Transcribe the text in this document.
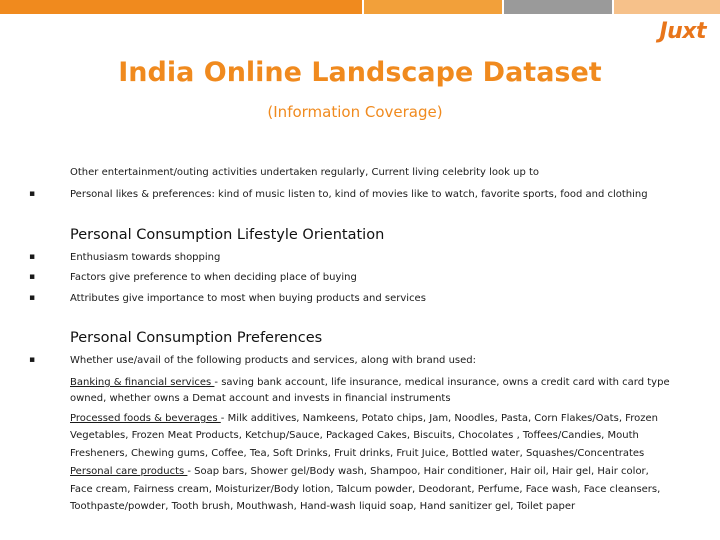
Juxt
India Online Landscape Dataset
(Information Coverage)
Other entertainment/outing activities undertaken regularly, Current living celebrity look up to
▪	Personal likes & preferences: kind of music listen to, kind of movies like to watch, favorite sports, food and clothing
Personal Consumption Lifestyle Orientation
▪	Enthusiasm towards shopping
▪	Factors give preference to when deciding place of buying
▪	Attributes give importance to most when buying products and services
Personal Consumption Preferences
▪	Whether use/avail of the following products and services, along with brand used:
Banking & financial services - saving bank account, life insurance, medical insurance, owns a credit card with card type
owned, whether owns a Demat account and invests in financial instruments
Processed foods & beverages - Milk additives, Namkeens, Potato chips, Jam, Noodles, Pasta, Corn Flakes/Oats, Frozen
Vegetables, Frozen Meat Products, Ketchup/Sauce, Packaged Cakes, Biscuits, Chocolates , Toffees/Candies, Mouth
Fresheners, Chewing gums, Coffee, Tea, Soft Drinks, Fruit drinks, Fruit Juice, Bottled water, Squashes/Concentrates
Personal care products - Soap bars, Shower gel/Body wash, Shampoo, Hair conditioner, Hair oil, Hair gel, Hair color,
Face cream, Fairness cream, Moisturizer/Body lotion, Talcum powder, Deodorant, Perfume, Face wash, Face cleansers,
Toothpaste/powder, Tooth brush, Mouthwash, Hand-wash liquid soap, Hand sanitizer gel, Toilet paper
